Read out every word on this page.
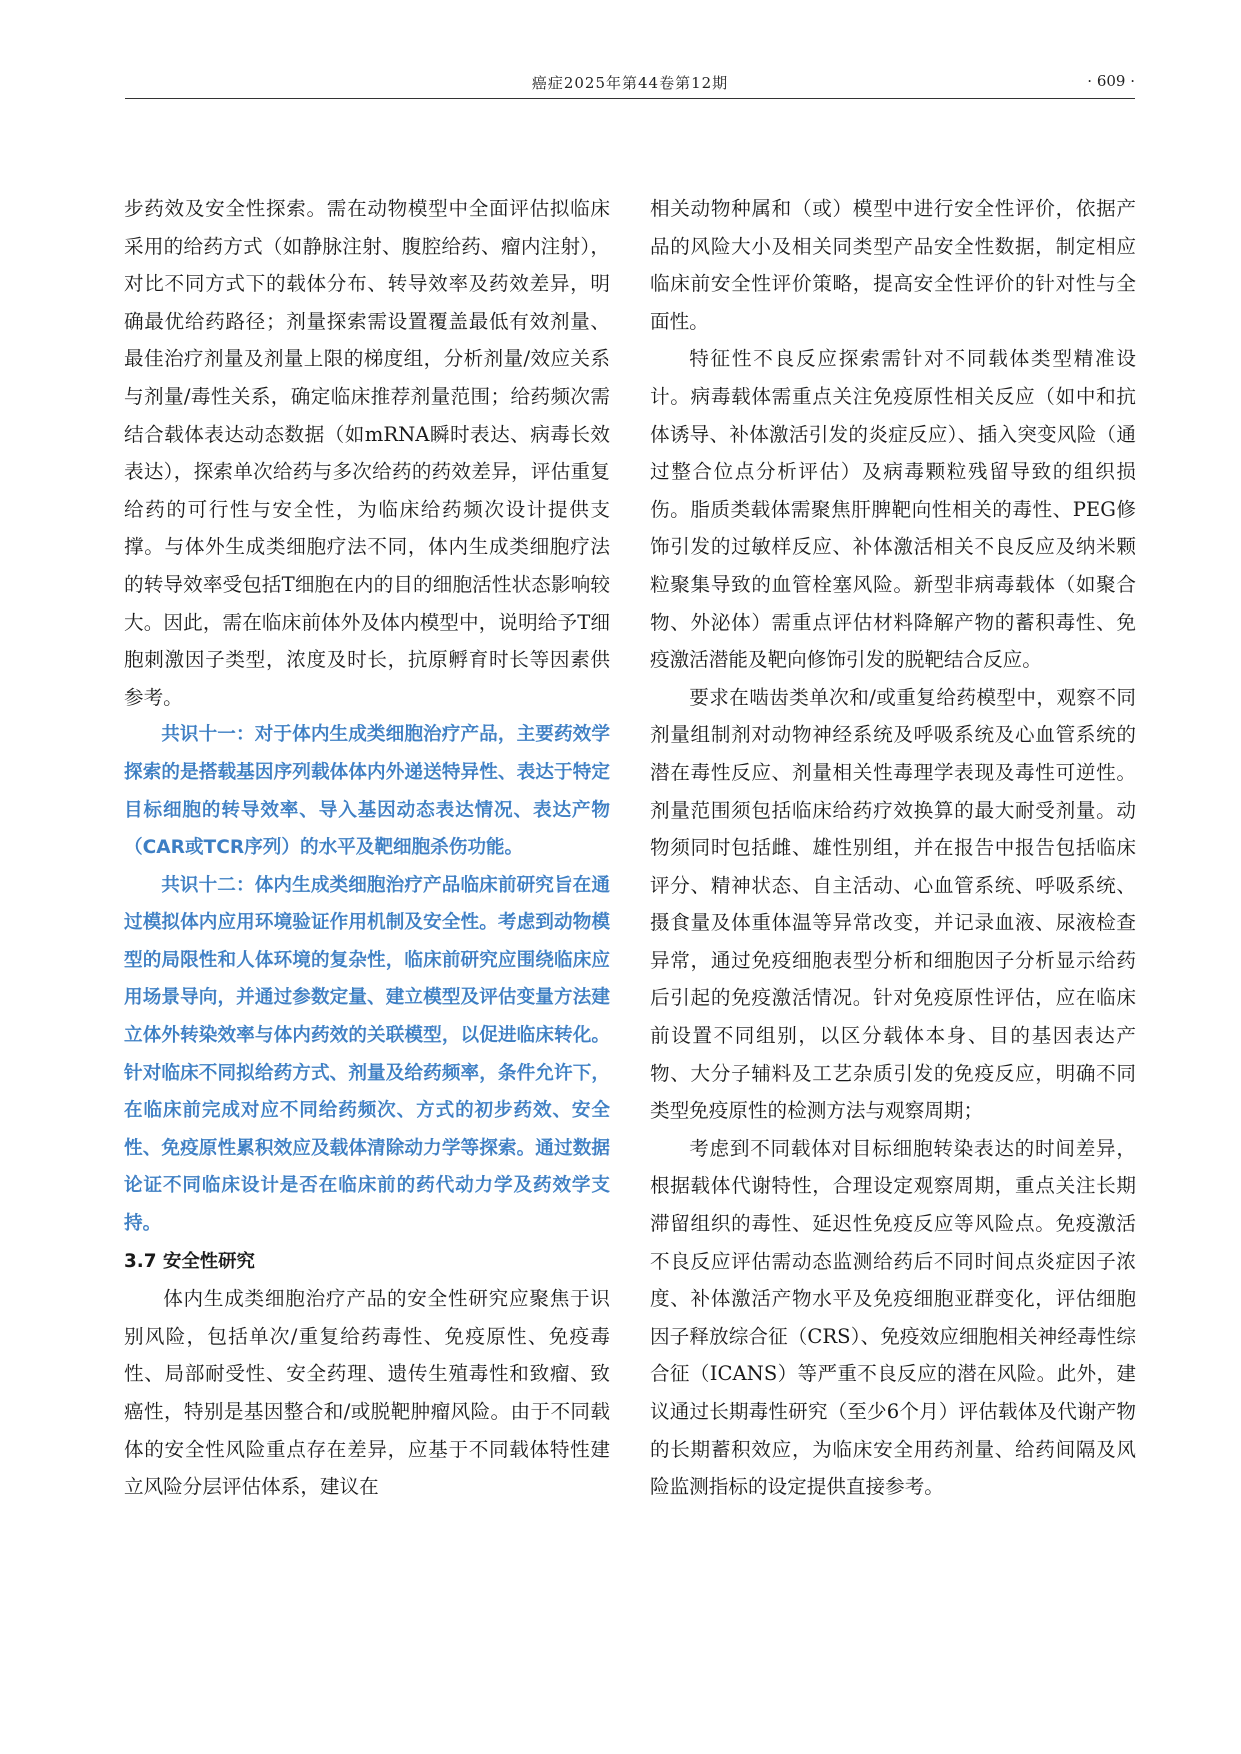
癌症2025年第44卷第12期	· 609 ·

步药效及安全性探索。需在动物模型中全面评估拟临床采用的给药方式（如静脉注射、腹腔给药、瘤内注射），对比不同方式下的载体分布、转导效率及药效差异，明确最优给药路径；剂量探索需设置覆盖最低有效剂量、最佳治疗剂量及剂量上限的梯度组，分析剂量/效应关系与剂量/毒性关系，确定临床推荐剂量范围；给药频次需结合载体表达动态数据（如mRNA瞬时表达、病毒长效表达），探索单次给药与多次给药的药效差异，评估重复给药的可行性与安全性，为临床给药频次设计提供支撑。与体外生成类细胞疗法不同，体内生成类细胞疗法的转导效率受包括T细胞在内的目的细胞活性状态影响较大。因此，需在临床前体外及体内模型中，说明给予T细胞刺激因子类型，浓度及时长，抗原孵育时长等因素供参考。

共识十一：对于体内生成类细胞治疗产品，主要药效学探索的是搭载基因序列载体体内外递送特异性、表达于特定目标细胞的转导效率、导入基因动态表达情况、表达产物（CAR或TCR序列）的水平及靶细胞杀伤功能。

共识十二：体内生成类细胞治疗产品临床前研究旨在通过模拟体内应用环境验证作用机制及安全性。考虑到动物模型的局限性和人体环境的复杂性，临床前研究应围绕临床应用场景导向，并通过参数定量、建立模型及评估变量方法建立体外转染效率与体内药效的关联模型，以促进临床转化。针对临床不同拟给药方式、剂量及给药频率，条件允许下，在临床前完成对应不同给药频次、方式的初步药效、安全性、免疫原性累积效应及载体清除动力学等探索。通过数据论证不同临床设计是否在临床前的药代动力学及药效学支持。

3.7 安全性研究

体内生成类细胞治疗产品的安全性研究应聚焦于识别风险，包括单次/重复给药毒性、免疫原性、免疫毒性、局部耐受性、安全药理、遗传生殖毒性和致瘤、致癌性，特别是基因整合和/或脱靶肿瘤风险。由于不同载体的安全性风险重点存在差异，应基于不同载体特性建立风险分层评估体系，建议在

相关动物种属和（或）模型中进行安全性评价，依据产品的风险大小及相关同类型产品安全性数据，制定相应临床前安全性评价策略，提高安全性评价的针对性与全面性。

特征性不良反应探索需针对不同载体类型精准设计。病毒载体需重点关注免疫原性相关反应（如中和抗体诱导、补体激活引发的炎症反应）、插入突变风险（通过整合位点分析评估）及病毒颗粒残留导致的组织损伤。脂质类载体需聚焦肝脾靶向性相关的毒性、PEG修饰引发的过敏样反应、补体激活相关不良反应及纳米颗粒聚集导致的血管栓塞风险。新型非病毒载体（如聚合物、外泌体）需重点评估材料降解产物的蓄积毒性、免疫激活潜能及靶向修饰引发的脱靶结合反应。

要求在啮齿类单次和/或重复给药模型中，观察不同剂量组制剂对动物神经系统及呼吸系统及心血管系统的潜在毒性反应、剂量相关性毒理学表现及毒性可逆性。剂量范围须包括临床给药疗效换算的最大耐受剂量。动物须同时包括雌、雄性别组，并在报告中报告包括临床评分、精神状态、自主活动、心血管系统、呼吸系统、摄食量及体重体温等异常改变，并记录血液、尿液检查异常，通过免疫细胞表型分析和细胞因子分析显示给药后引起的免疫激活情况。针对免疫原性评估，应在临床前设置不同组别，以区分载体本身、目的基因表达产物、大分子辅料及工艺杂质引发的免疫反应，明确不同类型免疫原性的检测方法与观察周期；

考虑到不同载体对目标细胞转染表达的时间差异，根据载体代谢特性，合理设定观察周期，重点关注长期滞留组织的毒性、延迟性免疫反应等风险点。免疫激活不良反应评估需动态监测给药后不同时间点炎症因子浓度、补体激活产物水平及免疫细胞亚群变化，评估细胞因子释放综合征（CRS）、免疫效应细胞相关神经毒性综合征（ICANS）等严重不良反应的潜在风险。此外，建议通过长期毒性研究（至少6个月）评估载体及代谢产物的长期蓄积效应，为临床安全用药剂量、给药间隔及风险监测指标的设定提供直接参考。
